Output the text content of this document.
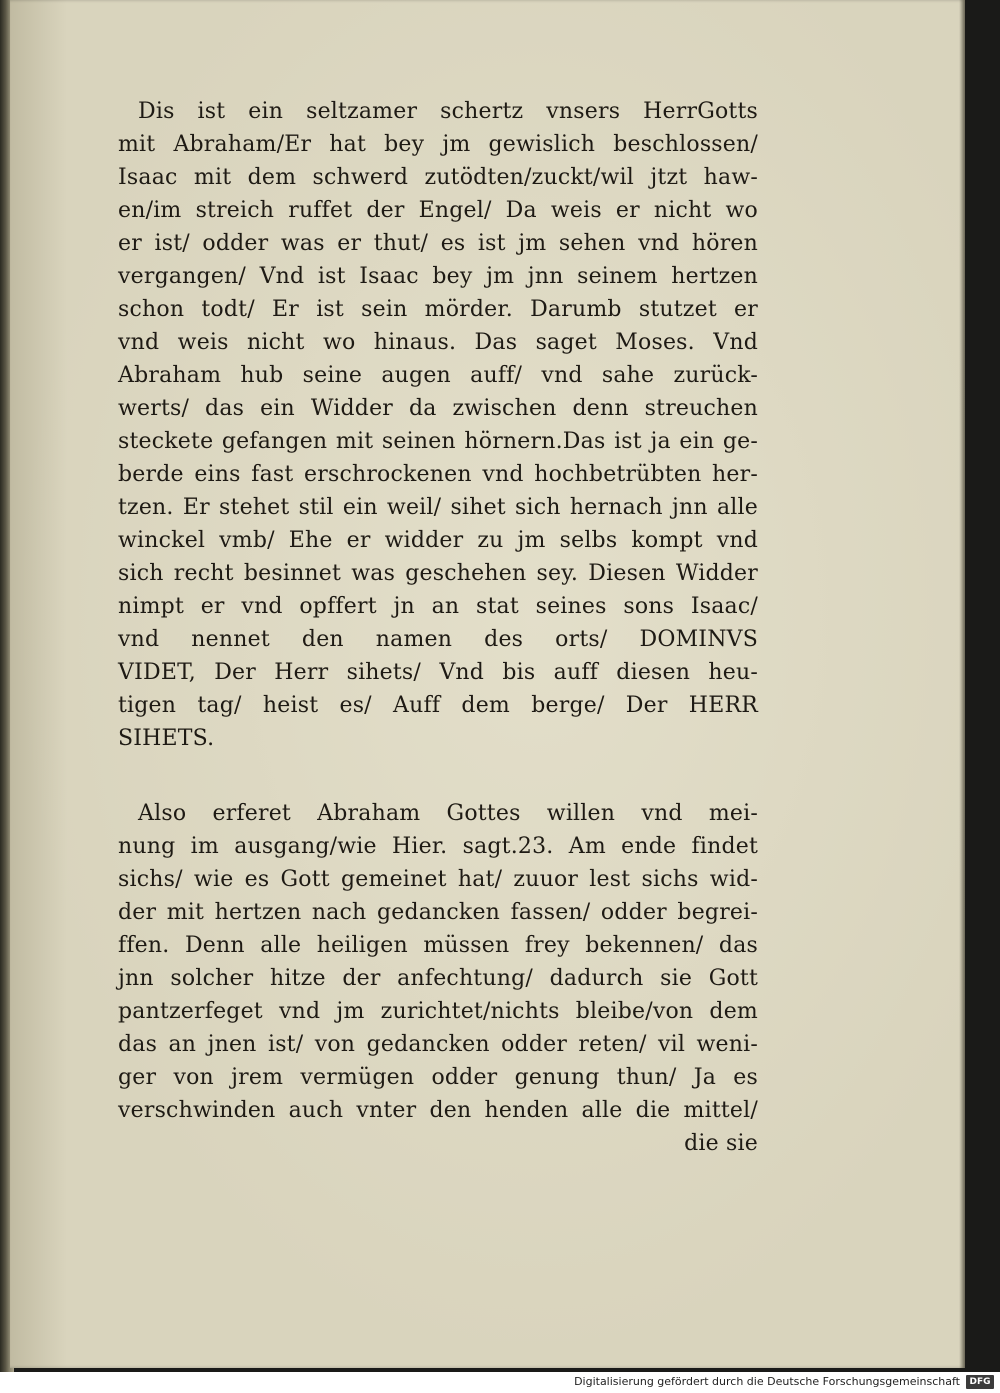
Dis ist ein seltzamer schertz vnsers HerrGotts
mit Abraham/Er hat bey jm gewislich beschlossen/
Isaac mit dem schwerd zutödten/zuckt/wil jtzt haw-
en/im streich ruffet der Engel/ Da weis er nicht wo
er ist/ odder was er thut/ es ist jm sehen vnd hören
vergangen/ Vnd ist Isaac bey jm jnn seinem hertzen
schon todt/ Er ist sein mörder. Darumb stutzet er
vnd weis nicht wo hinaus. Das saget Moses. Vnd
Abraham hub seine augen auff/ vnd sahe zurück-
werts/ das ein Widder da zwischen denn streuchen
steckete gefangen mit seinen hörnern.Das ist ja ein ge-
berde eins fast erschrockenen vnd hochbetrübten her-
tzen. Er stehet stil ein weil/ sihet sich hernach jnn alle
winckel vmb/ Ehe er widder zu jm selbs kompt vnd
sich recht besinnet was geschehen sey. Diesen Widder
nimpt er vnd opffert jn an stat seines sons Isaac/
vnd nennet den namen des orts/ DOMINVS
VIDET, Der Herr sihets/ Vnd bis auff diesen heu-
tigen tag/ heist es/ Auff dem berge/ Der HERR
SIHETS.
Also erferet Abraham Gottes willen vnd mei-
nung im ausgang/wie Hier. sagt.23. Am ende findet
sichs/ wie es Gott gemeinet hat/ zuuor lest sichs wid-
der mit hertzen nach gedancken fassen/ odder begrei-
ffen. Denn alle heiligen müssen frey bekennen/ das
jnn solcher hitze der anfechtung/ dadurch sie Gott
pantzerfeget vnd jm zurichtet/nichts bleibe/von dem
das an jnen ist/ von gedancken odder reten/ vil weni-
ger von jrem vermügen odder genung thun/ Ja es
verschwinden auch vnter den henden alle die mittel/
die sie
Digitalisierung gefördert durch die Deutsche Forschungsgemeinschaft	DFG
